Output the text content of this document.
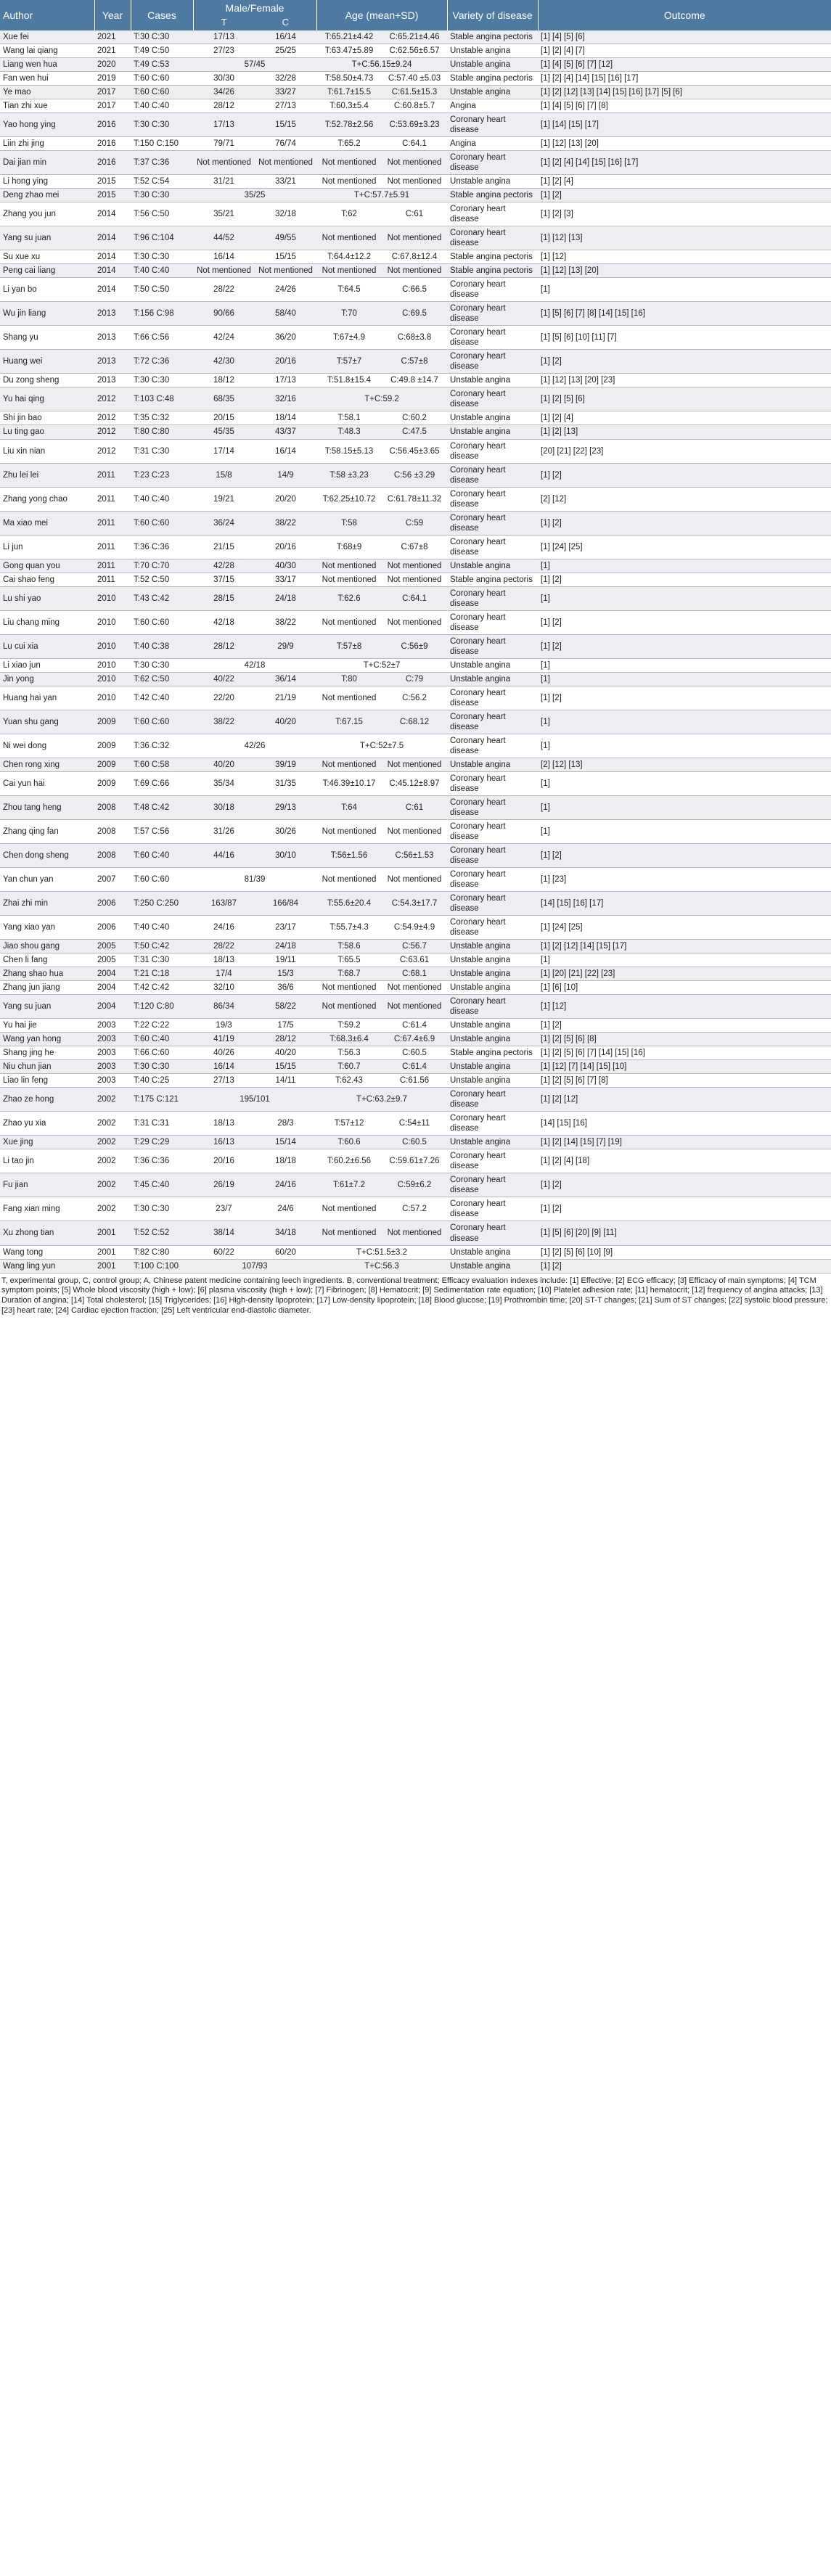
Author	Year	Cases	Male/Female		Age (mean+SD)		Variety of disease	Outcome
			T	C				
Xue fei	2021	T:30 C:30	17/13	16/14	T:65.21±4.42	C:65.21±4.46	Stable angina pectoris	[1] [4] [5] [6]
Wang lai qiang	2021	T:49 C:50	27/23	25/25	T:63.47±5.89	C:62.56±6.57	Unstable angina	[1] [2] [4] [7]
Liang wen hua	2020	T:49 C:53	57/45		T+C:56.15±9.24		Unstable angina	[1] [4] [5] [6] [7] [12]
Fan wen hui	2019	T:60 C:60	30/30	32/28	T:58.50±4.73	C:57.40 ±5.03	Stable angina pectoris	[1] [2] [4] [14] [15] [16] [17]
Ye mao	2017	T:60 C:60	34/26	33/27	T:61.7±15.5	C:61.5±15.3	Unstable angina	[1] [2] [12] [13] [14] [15] [16] [17] [5] [6]
Tian zhi xue	2017	T:40 C:40	28/12	27/13	T:60.3±5.4	C:60.8±5.7	Angina	[1] [4] [5] [6] [7] [8]
Yao hong ying	2016	T:30 C:30	17/13	15/15	T:52.78±2.56	C:53.69±3.23	Coronary heart disease	[1] [14] [15] [17]
Liin zhi jing	2016	T:150 C:150	79/71	76/74	T:65.2	C:64.1	Angina	[1] [12] [13] [20]
Dai jian min	2016	T:37 C:36	Not mentioned	Not mentioned	Not mentioned	Not mentioned	Coronary heart disease	[1] [2] [4] [14] [15] [16] [17]
Li hong ying	2015	T:52 C:54	31/21	33/21	Not mentioned	Not mentioned	Unstable angina	[1] [2] [4]
Deng zhao mei	2015	T:30 C:30	35/25		T+C:57.7±5.91		Stable angina pectoris	[1] [2]
Zhang you jun	2014	T:56 C:50	35/21	32/18	T:62	C:61	Coronary heart disease	[1] [2] [3]
Yang su juan	2014	T:96 C:104	44/52	49/55	Not mentioned	Not mentioned	Coronary heart disease	[1] [12] [13]
Su xue xu	2014	T:30 C:30	16/14	15/15	T:64.4±12.2	C:67.8±12.4	Stable angina pectoris	[1] [12]
Peng cai liang	2014	T:40 C:40	Not mentioned	Not mentioned	Not mentioned	Not mentioned	Stable angina pectoris	[1] [12] [13] [20]
Li yan bo	2014	T:50 C:50	28/22	24/26	T:64.5	C:66.5	Coronary heart disease	[1]
Wu jin liang	2013	T:156 C:98	90/66	58/40	T:70	C:69.5	Coronary heart disease	[1] [5] [6] [7] [8] [14] [15] [16]
Shang yu	2013	T:66 C:56	42/24	36/20	T:67±4.9	C:68±3.8	Coronary heart disease	[1] [5] [6] [10] [11] [7]
Huang wei	2013	T:72 C:36	42/30	20/16	T:57±7	C:57±8	Coronary heart disease	[1] [2]
Du zong sheng	2013	T:30 C:30	18/12	17/13	T:51.8±15.4	C:49.8 ±14.7	Unstable angina	[1] [12] [13] [20] [23]
Yu hai qing	2012	T:103 C:48	68/35	32/16	T+C:59.2		Coronary heart disease	[1] [2] [5] [6]
Shi jin bao	2012	T:35 C:32	20/15	18/14	T:58.1	C:60.2	Unstable angina	[1] [2] [4]
Lu ting gao	2012	T:80 C:80	45/35	43/37	T:48.3	C:47.5	Unstable angina	[1] [2] [13]
Liu xin nian	2012	T:31 C:30	17/14	16/14	T:58.15±5.13	C:56.45±3.65	Coronary heart disease	[20] [21] [22] [23]
Zhu lei lei	2011	T:23 C:23	15/8	14/9	T:58 ±3.23	C:56 ±3.29	Coronary heart disease	[1] [2]
Zhang yong chao	2011	T:40 C:40	19/21	20/20	T:62.25±10.72	C:61.78±11.32	Coronary heart disease	[2] [12]
Ma xiao mei	2011	T:60 C:60	36/24	38/22	T:58	C:59	Coronary heart disease	[1] [2]
Li jun	2011	T:36 C:36	21/15	20/16	T:68±9	C:67±8	Coronary heart disease	[1] [24] [25]
Gong quan you	2011	T:70 C:70	42/28	40/30	Not mentioned	Not mentioned	Unstable angina	[1]
Cai shao feng	2011	T:52 C:50	37/15	33/17	Not mentioned	Not mentioned	Stable angina pectoris	[1] [2]
Lu shi yao	2010	T:43 C:42	28/15	24/18	T:62.6	C:64.1	Coronary heart disease	[1]
Liu chang ming	2010	T:60 C:60	42/18	38/22	Not mentioned	Not mentioned	Coronary heart disease	[1] [2]
Lu cui xia	2010	T:40 C:38	28/12	29/9	T:57±8	C:56±9	Coronary heart disease	[1] [2]
Li xiao jun	2010	T:30 C:30	42/18		T+C:52±7		Unstable angina	[1]
Jin yong	2010	T:62 C:50	40/22	36/14	T:80	C:79	Unstable angina	[1]
Huang hai yan	2010	T:42 C:40	22/20	21/19	Not mentioned	C:56.2	Coronary heart disease	[1] [2]
Yuan shu gang	2009	T:60 C:60	38/22	40/20	T:67.15	C:68.12	Coronary heart disease	[1]
Ni wei dong	2009	T:36 C:32	42/26		T+C:52±7.5		Coronary heart disease	[1]
Chen rong xing	2009	T:60 C:58	40/20	39/19	Not mentioned	Not mentioned	Unstable angina	[2] [12] [13]
Cai yun hai	2009	T:69 C:66	35/34	31/35	T:46.39±10.17	C:45.12±8.97	Coronary heart disease	[1]
Zhou tang heng	2008	T:48 C:42	30/18	29/13	T:64	C:61	Coronary heart disease	[1]
Zhang qing fan	2008	T:57 C:56	31/26	30/26	Not mentioned	Not mentioned	Coronary heart disease	[1]
Chen dong sheng	2008	T:60 C:40	44/16	30/10	T:56±1.56	C:56±1.53	Coronary heart disease	[1] [2]
Yan chun yan	2007	T:60 C:60	81/39		Not mentioned	Not mentioned	Coronary heart disease	[1] [23]
Zhai zhi min	2006	T:250 C:250	163/87	166/84	T:55.6±20.4	C:54.3±17.7	Coronary heart disease	[14] [15] [16] [17]
Yang xiao yan	2006	T:40 C:40	24/16	23/17	T:55.7±4.3	C:54.9±4.9	Coronary heart disease	[1] [24] [25]
Jiao shou gang	2005	T:50 C:42	28/22	24/18	T:58.6	C:56.7	Unstable angina	[1] [2] [12] [14] [15] [17]
Chen li fang	2005	T:31 C:30	18/13	19/11	T:65.5	C:63.61	Unstable angina	[1]
Zhang shao hua	2004	T:21 C:18	17/4	15/3	T:68.7	C:68.1	Unstable angina	[1] [20] [21] [22] [23]
Zhang jun jiang	2004	T:42 C:42	32/10	36/6	Not mentioned	Not mentioned	Unstable angina	[1] [6] [10]
Yang su juan	2004	T:120 C:80	86/34	58/22	Not mentioned	Not mentioned	Coronary heart disease	[1] [12]
Yu hai jie	2003	T:22 C:22	19/3	17/5	T:59.2	C:61.4	Unstable angina	[1] [2]
Wang yan hong	2003	T:60 C:40	41/19	28/12	T:68.3±6.4	C:67.4±6.9	Unstable angina	[1] [2] [5] [6] [8]
Shang jing he	2003	T:66 C:60	40/26	40/20	T:56.3	C:60.5	Stable angina pectoris	[1] [2] [5] [6] [7] [14] [15] [16]
Niu chun jian	2003	T:30 C:30	16/14	15/15	T:60.7	C:61.4	Unstable angina	[1] [12] [7] [14] [15] [10]
Liao lin feng	2003	T:40 C:25	27/13	14/11	T:62.43	C:61.56	Unstable angina	[1] [2] [5] [6] [7] [8]
Zhao ze hong	2002	T:175 C:121	195/101		T+C:63.2±9.7		Coronary heart disease	[1] [2] [12]
Zhao yu xia	2002	T:31 C:31	18/13	28/3	T:57±12	C:54±11	Coronary heart disease	[14] [15] [16]
Xue jing	2002	T:29 C:29	16/13	15/14	T:60.6	C:60.5	Unstable angina	[1] [2] [14] [15] [7] [19]
Li tao jin	2002	T:36 C:36	20/16	18/18	T:60.2±6.56	C:59.61±7.26	Coronary heart disease	[1] [2] [4] [18]
Fu jian	2002	T:45 C:40	26/19	24/16	T:61±7.2	C:59±6.2	Coronary heart disease	[1] [2]
Fang xian ming	2002	T:30 C:30	23/7	24/6	Not mentioned	C:57.2	Coronary heart disease	[1] [2]
Xu zhong tian	2001	T:52 C:52	38/14	34/18	Not mentioned	Not mentioned	Coronary heart disease	[1] [5] [6] [20] [9] [11]
Wang tong	2001	T:82 C:80	60/22	60/20	T+C:51.5±3.2		Unstable angina	[1] [2] [5] [6] [10] [9]
Wang ling yun	2001	T:100 C:100	107/93		T+C:56.3		Unstable angina	[1] [2]
T, experimental group, C, control group; A, Chinese patent medicine containing leech ingredients. B, conventional treatment; Efficacy evaluation indexes include: [1] Effective; [2] ECG efficacy; [3] Efficacy of main symptoms; [4] TCM symptom points; [5] Whole blood viscosity (high + low); [6] plasma viscosity (high + low); [7] Fibrinogen; [8] Hematocrit; [9] Sedimentation rate equation; [10] Platelet adhesion rate; [11] hematocrit; [12] frequency of angina attacks; [13] Duration of angina; [14] Total cholesterol; [15] Triglycerides; [16] High-density lipoprotein; [17] Low-density lipoprotein; [18] Blood glucose; [19] Prothrombin time; [20] ST-T changes; [21] Sum of ST changes; [22] systolic blood pressure; [23] heart rate; [24] Cardiac ejection fraction; [25] Left ventricular end-diastolic diameter.
